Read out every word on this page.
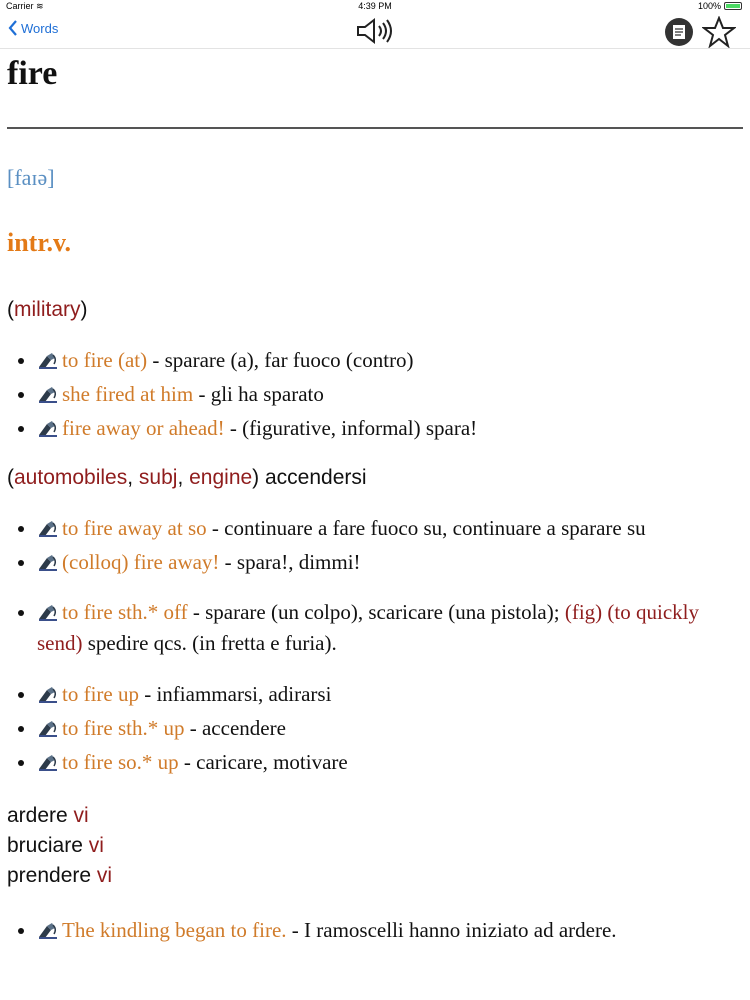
Carrier ︎≋	4:39 PM	100%
Words
fire
[faɪə]
intr.v.
(military)
• to fire (at) - sparare (a), far fuoco (contro)
• she fired at him - gli ha sparato
• fire away or ahead! - (figurative, informal) spara!
(automobiles, subj, engine) accendersi
• to fire away at so - continuare a fare fuoco su, continuare a sparare su
• (colloq) fire away! - spara!, dimmi!
• to fire sth.* off - sparare (un colpo), scaricare (una pistola); (fig) (to quickly send) spedire qcs. (in fretta e furia).
• to fire up - infiammarsi, adirarsi
• to fire sth.* up - accendere
• to fire so.* up - caricare, motivare
ardere vi
bruciare vi
prendere vi
• The kindling began to fire. - I ramoscelli hanno iniziato ad ardere.
